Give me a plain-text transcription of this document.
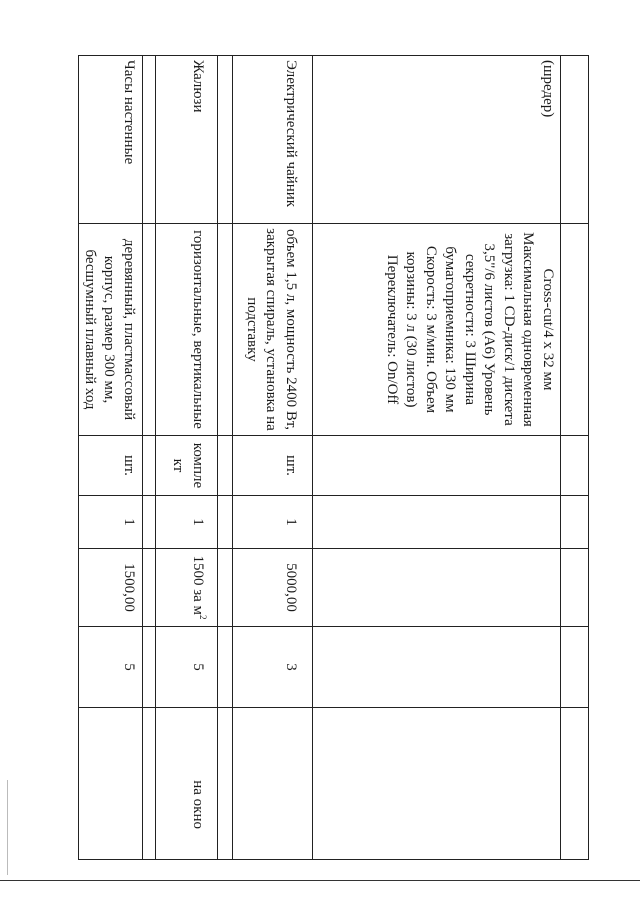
(шредер)	Cross-cut/4 x 32 мм Максимальная одновременная загрузка: 1 CD-диск/1 дискета 3,5"/6 листов (А6) Уровень секретности: 3 Ширина бумагоприемника: 130 мм Скорость: 3 м/мин. Объем корзины: 3 л (30 листов) Переключатель: On/Off					
Электрический чайник	объем 1,5 л, мощность 2400 Вт, закрытая спираль, установка на подставку	шт.	1	5000,00	3	

Жалюзи	горизонтальные, вертикальные	комплект	1	1500 за $м^2$	5	на окно

Часы настенные	деревянный, пластмассовый корпус, размер 300 мм, бесшумный плавный ход	шт.	1	1500,00	5	
